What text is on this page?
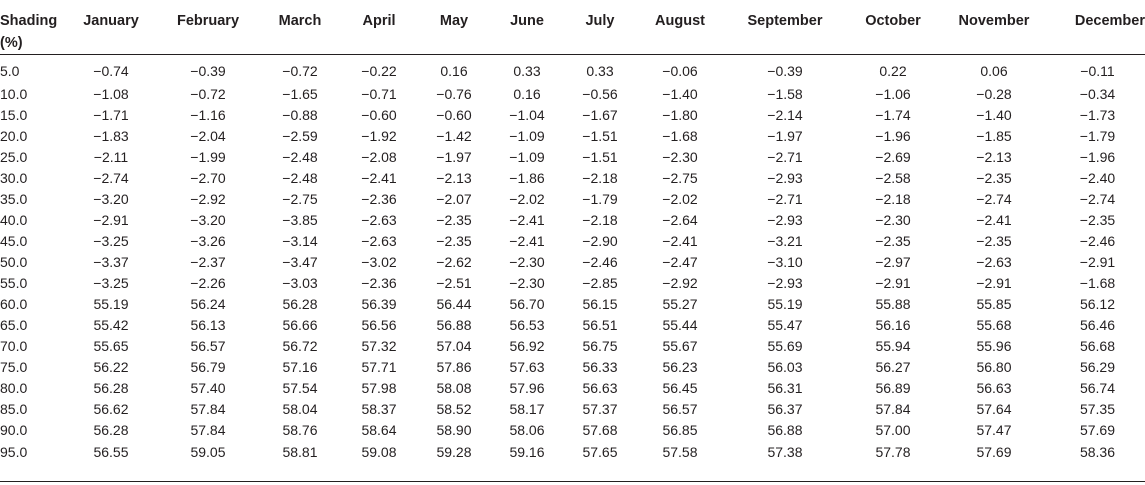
Shading
(%)	January	February	March	April	May	June	July	August	September	October	November	December
5.0	−0.74	−0.39	−0.72	−0.22	0.16	0.33	0.33	−0.06	−0.39	0.22	0.06	−0.11
10.0	−1.08	−0.72	−1.65	−0.71	−0.76	0.16	−0.56	−1.40	−1.58	−1.06	−0.28	−0.34
15.0	−1.71	−1.16	−0.88	−0.60	−0.60	−1.04	−1.67	−1.80	−2.14	−1.74	−1.40	−1.73
20.0	−1.83	−2.04	−2.59	−1.92	−1.42	−1.09	−1.51	−1.68	−1.97	−1.96	−1.85	−1.79
25.0	−2.11	−1.99	−2.48	−2.08	−1.97	−1.09	−1.51	−2.30	−2.71	−2.69	−2.13	−1.96
30.0	−2.74	−2.70	−2.48	−2.41	−2.13	−1.86	−2.18	−2.75	−2.93	−2.58	−2.35	−2.40
35.0	−3.20	−2.92	−2.75	−2.36	−2.07	−2.02	−1.79	−2.02	−2.71	−2.18	−2.74	−2.74
40.0	−2.91	−3.20	−3.85	−2.63	−2.35	−2.41	−2.18	−2.64	−2.93	−2.30	−2.41	−2.35
45.0	−3.25	−3.26	−3.14	−2.63	−2.35	−2.41	−2.90	−2.41	−3.21	−2.35	−2.35	−2.46
50.0	−3.37	−2.37	−3.47	−3.02	−2.62	−2.30	−2.46	−2.47	−3.10	−2.97	−2.63	−2.91
55.0	−3.25	−2.26	−3.03	−2.36	−2.51	−2.30	−2.85	−2.92	−2.93	−2.91	−2.91	−1.68
60.0	55.19	56.24	56.28	56.39	56.44	56.70	56.15	55.27	55.19	55.88	55.85	56.12
65.0	55.42	56.13	56.66	56.56	56.88	56.53	56.51	55.44	55.47	56.16	55.68	56.46
70.0	55.65	56.57	56.72	57.32	57.04	56.92	56.75	55.67	55.69	55.94	55.96	56.68
75.0	56.22	56.79	57.16	57.71	57.86	57.63	56.33	56.23	56.03	56.27	56.80	56.29
80.0	56.28	57.40	57.54	57.98	58.08	57.96	56.63	56.45	56.31	56.89	56.63	56.74
85.0	56.62	57.84	58.04	58.37	58.52	58.17	57.37	56.57	56.37	57.84	57.64	57.35
90.0	56.28	57.84	58.76	58.64	58.90	58.06	57.68	56.85	56.88	57.00	57.47	57.69
95.0	56.55	59.05	58.81	59.08	59.28	59.16	57.65	57.58	57.38	57.78	57.69	58.36
